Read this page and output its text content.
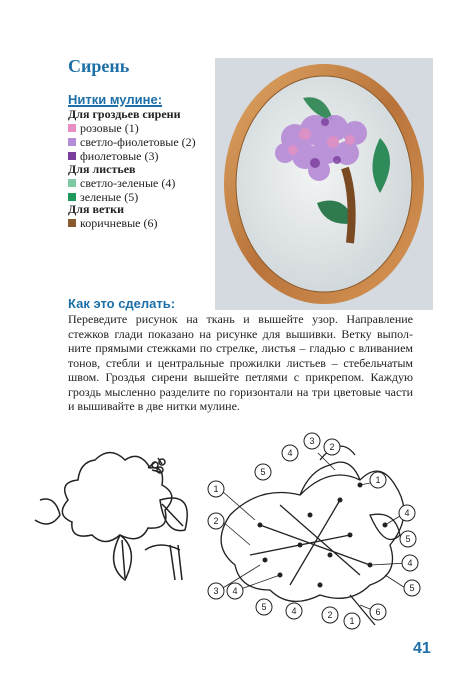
Сирень
Нитки мулине:
Для гроздьев сирени
розовые (1)
светло-фиолетовые (2)
фиолетовые (3)
Для листьев
светло-зеленые (4)
зеленые (5)
Для ветки
коричневые (6)
Как это сделать:
Переведите рисунок на ткань и вышейте узор. Направление стежков глади показано на рисунке для вышивки. Ветку выполните прямыми стежками по стрелке, листья – гладью с вливанием тонов, стебли и центральные прожилки листьев – стебельчатым швом. Гроздья сирени вышейте петлями с прикрепом. Каждую гроздь мысленно разделите по горизонтали на три цветовые части и вышивайте в две нитки мулине.
1
2
5
4
3
2
1
4
5
4
5
6
3 4
5	4	2
1
41
